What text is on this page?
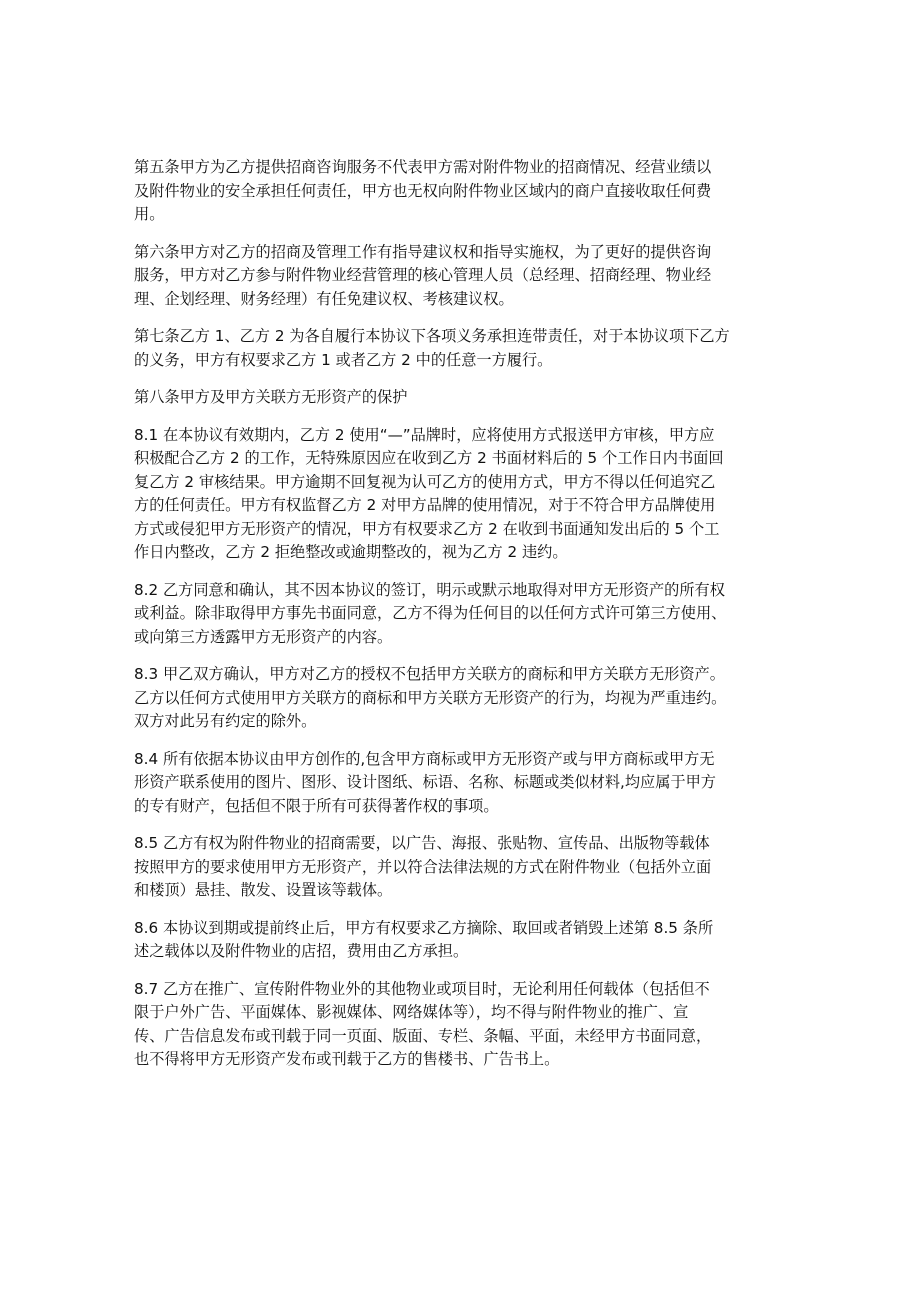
第五条甲方为乙方提供招商咨询服务不代表甲方需对附件物业的招商情况、经营业绩以
及附件物业的安全承担任何责任，甲方也无权向附件物业区域内的商户直接收取任何费
用。

第六条甲方对乙方的招商及管理工作有指导建议权和指导实施权，为了更好的提供咨询
服务，甲方对乙方参与附件物业经营管理的核心管理人员（总经理、招商经理、物业经
理、企划经理、财务经理）有任免建议权、考核建议权。

第七条乙方 1、乙方 2 为各自履行本协议下各项义务承担连带责任，对于本协议项下乙方
的义务，甲方有权要求乙方 1 或者乙方 2 中的任意一方履行。

第八条甲方及甲方关联方无形资产的保护

8.1 在本协议有效期内，乙方 2 使用“—”品牌时，应将使用方式报送甲方审核，甲方应
积极配合乙方 2 的工作，无特殊原因应在收到乙方 2 书面材料后的 5 个工作日内书面回
复乙方 2 审核结果。甲方逾期不回复视为认可乙方的使用方式，甲方不得以任何追究乙
方的任何责任。甲方有权监督乙方 2 对甲方品牌的使用情况，对于不符合甲方品牌使用
方式或侵犯甲方无形资产的情况，甲方有权要求乙方 2 在收到书面通知发出后的 5 个工
作日内整改，乙方 2 拒绝整改或逾期整改的，视为乙方 2 违约。

8.2 乙方同意和确认，其不因本协议的签订，明示或默示地取得对甲方无形资产的所有权
或利益。除非取得甲方事先书面同意，乙方不得为任何目的以任何方式许可第三方使用、
或向第三方透露甲方无形资产的内容。

8.3 甲乙双方确认，甲方对乙方的授权不包括甲方关联方的商标和甲方关联方无形资产。
乙方以任何方式使用甲方关联方的商标和甲方关联方无形资产的行为，均视为严重违约。
双方对此另有约定的除外。

8.4 所有依据本协议由甲方创作的,包含甲方商标或甲方无形资产或与甲方商标或甲方无
形资产联系使用的图片、图形、设计图纸、标语、名称、标题或类似材料,均应属于甲方
的专有财产，包括但不限于所有可获得著作权的事项。

8.5 乙方有权为附件物业的招商需要，以广告、海报、张贴物、宣传品、出版物等载体
按照甲方的要求使用甲方无形资产，并以符合法律法规的方式在附件物业（包括外立面
和楼顶）悬挂、散发、设置该等载体。

8.6 本协议到期或提前终止后，甲方有权要求乙方摘除、取回或者销毁上述第 8.5 条所
述之载体以及附件物业的店招，费用由乙方承担。

8.7 乙方在推广、宣传附件物业外的其他物业或项目时，无论利用任何载体（包括但不
限于户外广告、平面媒体、影视媒体、网络媒体等），均不得与附件物业的推广、宣
传、广告信息发布或刊载于同一页面、版面、专栏、条幅、平面，未经甲方书面同意，
也不得将甲方无形资产发布或刊载于乙方的售楼书、广告书上。
